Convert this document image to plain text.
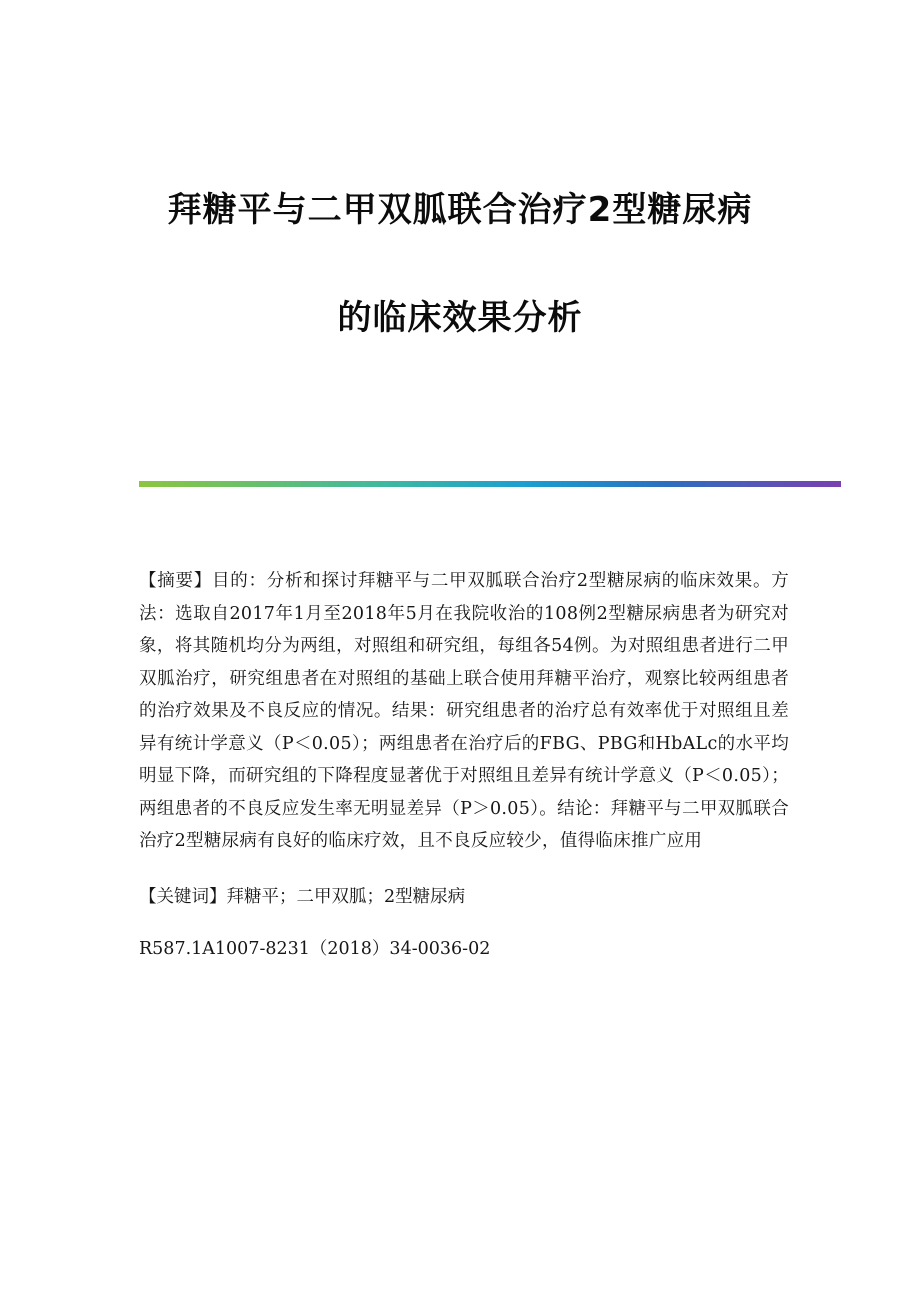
拜糖平与二甲双胍联合治疗2型糖尿病
的临床效果分析

【摘要】目的：分析和探讨拜糖平与二甲双胍联合治疗2型糖尿病的临床效果。方法：选取自2017年1月至2018年5月在我院收治的108例2型糖尿病患者为研究对象，将其随机均分为两组，对照组和研究组，每组各54例。为对照组患者进行二甲双胍治疗，研究组患者在对照组的基础上联合使用拜糖平治疗，观察比较两组患者的治疗效果及不良反应的情况。结果：研究组患者的治疗总有效率优于对照组且差异有统计学意义（P＜0.05）；两组患者在治疗后的FBG、PBG和HbALc的水平均明显下降，而研究组的下降程度显著优于对照组且差异有统计学意义（P＜0.05）；两组患者的不良反应发生率无明显差异（P＞0.05）。结论：拜糖平与二甲双胍联合治疗2型糖尿病有良好的临床疗效，且不良反应较少，值得临床推广应用

【关键词】拜糖平；二甲双胍；2型糖尿病

R587.1A1007-8231（2018）34-0036-02
